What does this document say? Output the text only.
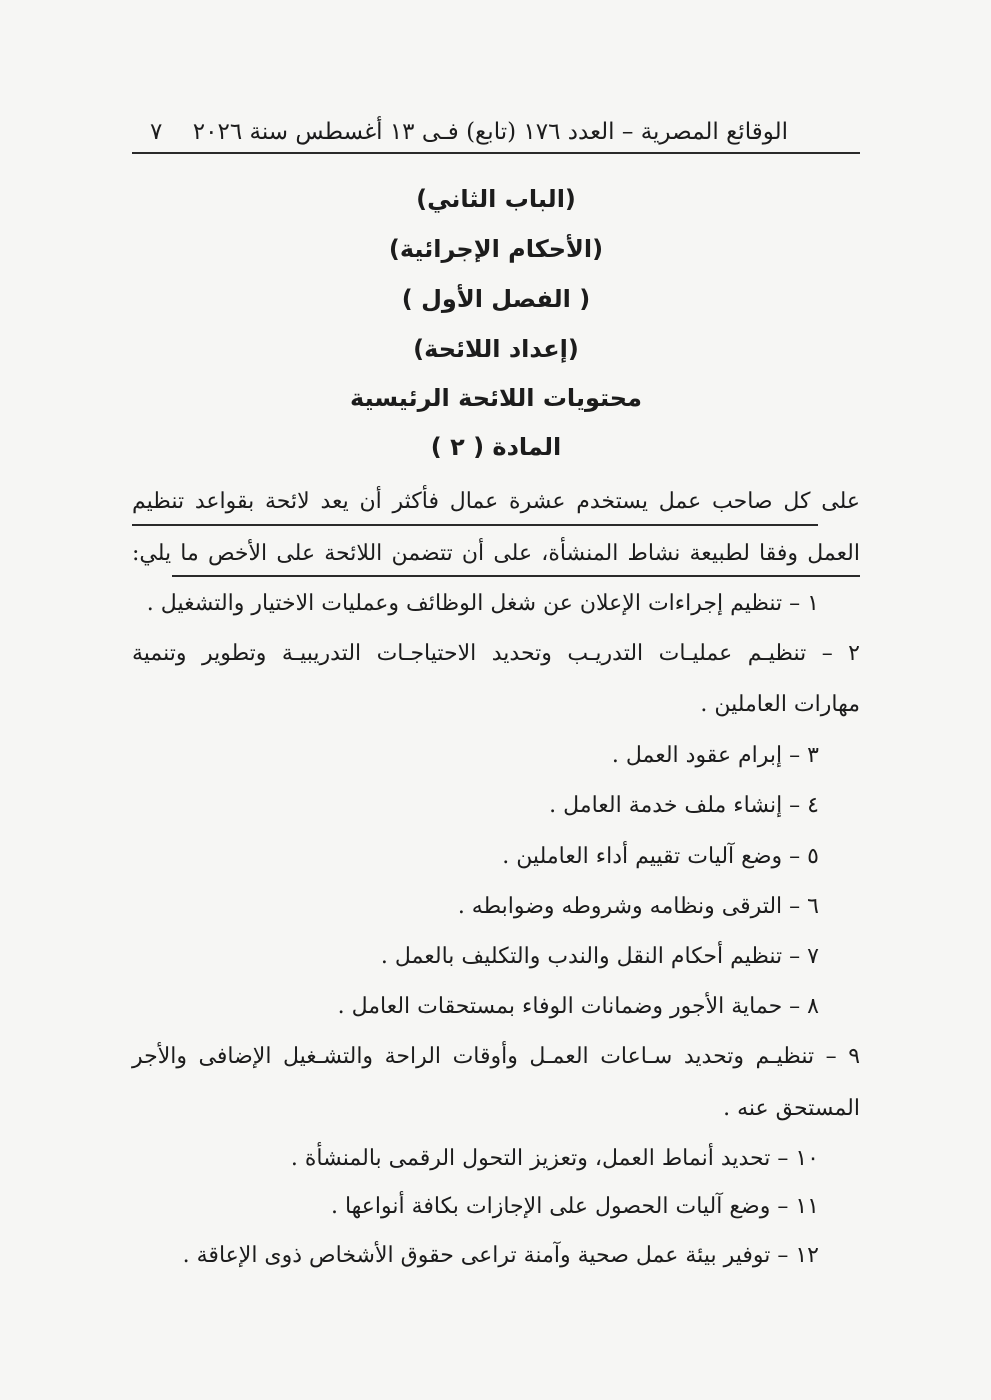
الوقائع المصرية – العدد ١٧٦ (تابع) فـى ١٣ أغسطس سنة ٢٠٢٦
٧
(الباب الثاني)
(الأحكام الإجرائية)
( الفصل الأول )
(إعداد اللائحة)
محتويات اللائحة الرئيسية
المادة ( ٢ )
على كل صاحب عمل يستخدم عشرة عمال فأكثر أن يعد لائحة بقواعد تنظيم
العمل وفقا لطبيعة نشاط المنشأة، على أن تتضمن اللائحة على الأخص ما يلي:
١ – تنظيم إجراءات الإعلان عن شغل الوظائف وعمليات الاختيار والتشغيل .
٢ – تنظيـم عمليـات التدريـب وتحديد الاحتياجـات التدريبيـة وتطوير وتنمية
مهارات العاملين .
٣ – إبرام عقود العمل .
٤ – إنشاء ملف خدمة العامل .
٥ – وضع آليات تقييم أداء العاملين .
٦ – الترقى ونظامه وشروطه وضوابطه .
٧ – تنظيم أحكام النقل والندب والتكليف بالعمل .
٨ – حماية الأجور وضمانات الوفاء بمستحقات العامل .
٩ – تنظيـم وتحديد سـاعات العمـل وأوقات الراحة والتشـغيل الإضافى والأجر
المستحق عنه .
١٠ – تحديد أنماط العمل، وتعزيز التحول الرقمى بالمنشأة .
١١ – وضع آليات الحصول على الإجازات بكافة أنواعها .
١٢ – توفير بيئة عمل صحية وآمنة تراعى حقوق الأشخاص ذوى الإعاقة .
